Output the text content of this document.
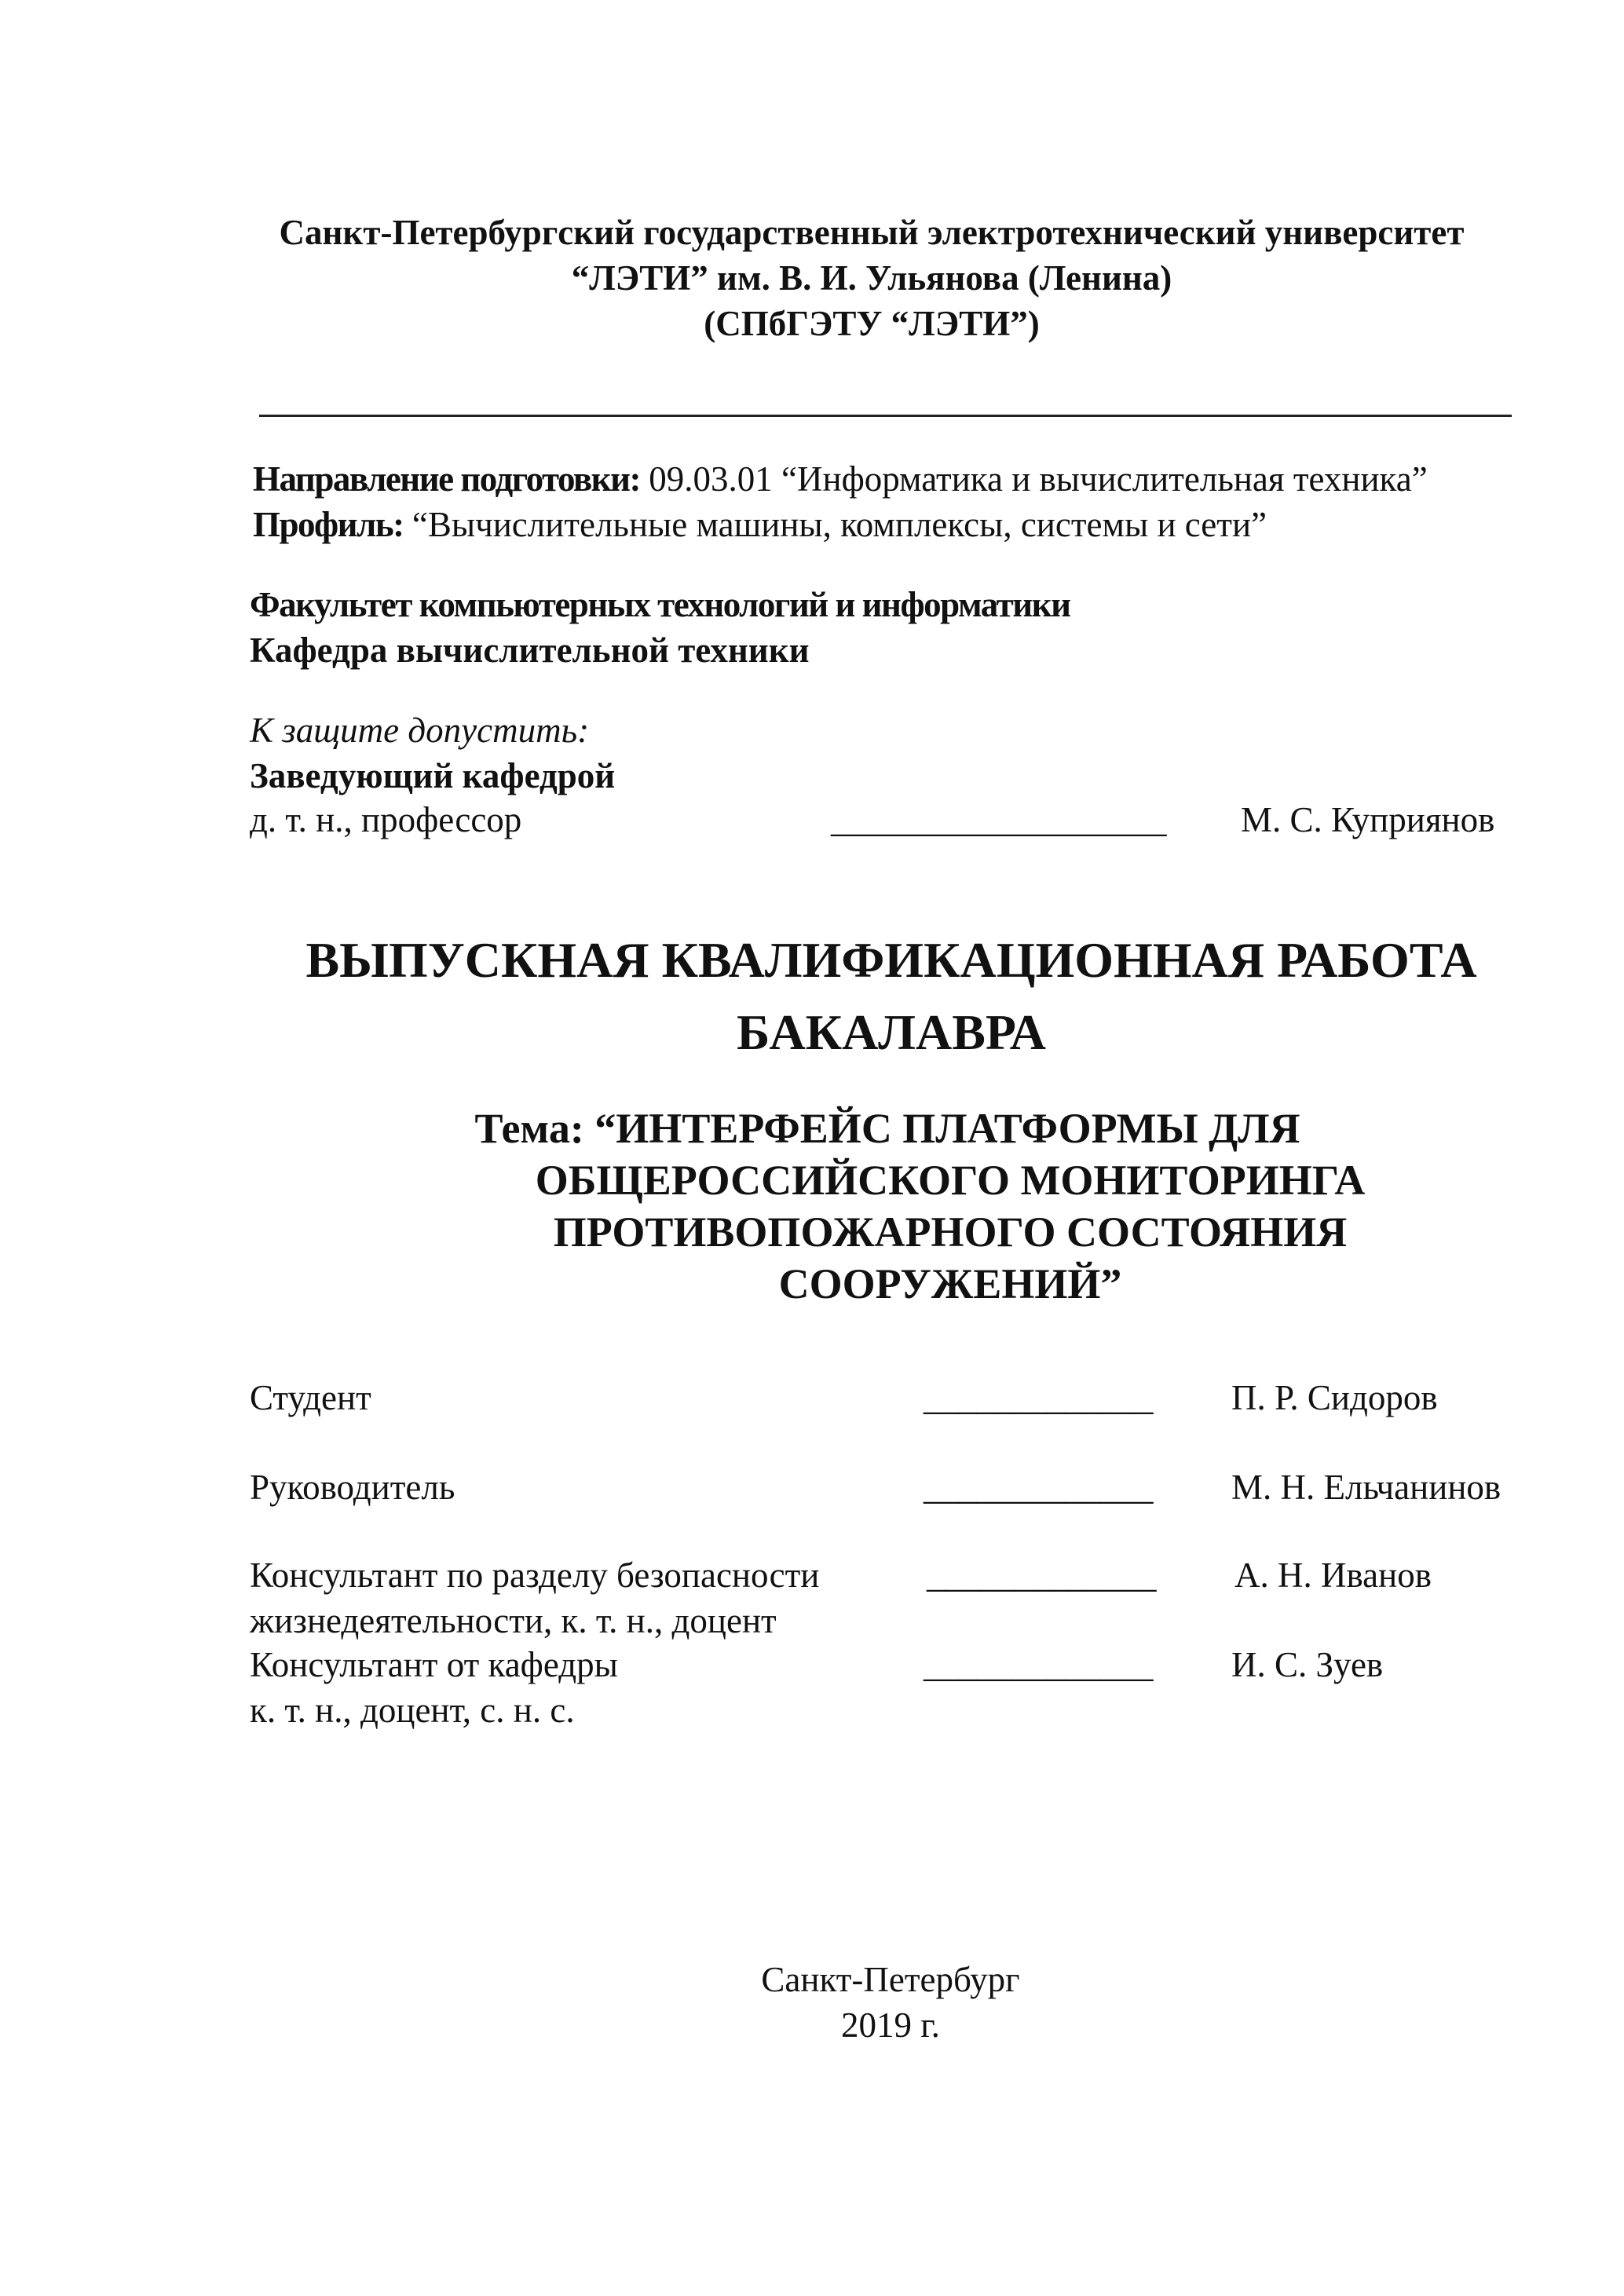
Санкт-Петербургский государственный электротехнический университет
“ЛЭТИ” им. В. И. Ульянова (Ленина)
(СПбГЭТУ “ЛЭТИ”)
Направление подготовки: 09.03.01 “Информатика и вычислительная техника”
Профиль: “Вычислительные машины, комплексы, системы и сети”
Факультет компьютерных технологий и информатики
Кафедра вычислительной техники
К защите допустить:
Заведующий кафедрой
д. т. н., профессор	___________________ М. С. Куприянов
ВЫПУСКНАЯ КВАЛИФИКАЦИОННАЯ РАБОТА
БАКАЛАВРА
Тема: “ИНТЕРФЕЙС ПЛАТФОРМЫ ДЛЯ
ОБЩЕРОССИЙСКОГО МОНИТОРИНГА
ПРОТИВОПОЖАРНОГО СОСТОЯНИЯ
СООРУЖЕНИЙ”
Студент	_____________ П. Р. Сидоров
Руководитель	_____________ М. Н. Ельчанинов
Консультант по разделу безопасности
жизнедеятельности, к. т. н., доцент
_____________ А. Н. Иванов
Консультант от кафедры
к. т. н., доцент, с. н. с.
_____________ И. С. Зуев
Санкт-Петербург
2019 г.
